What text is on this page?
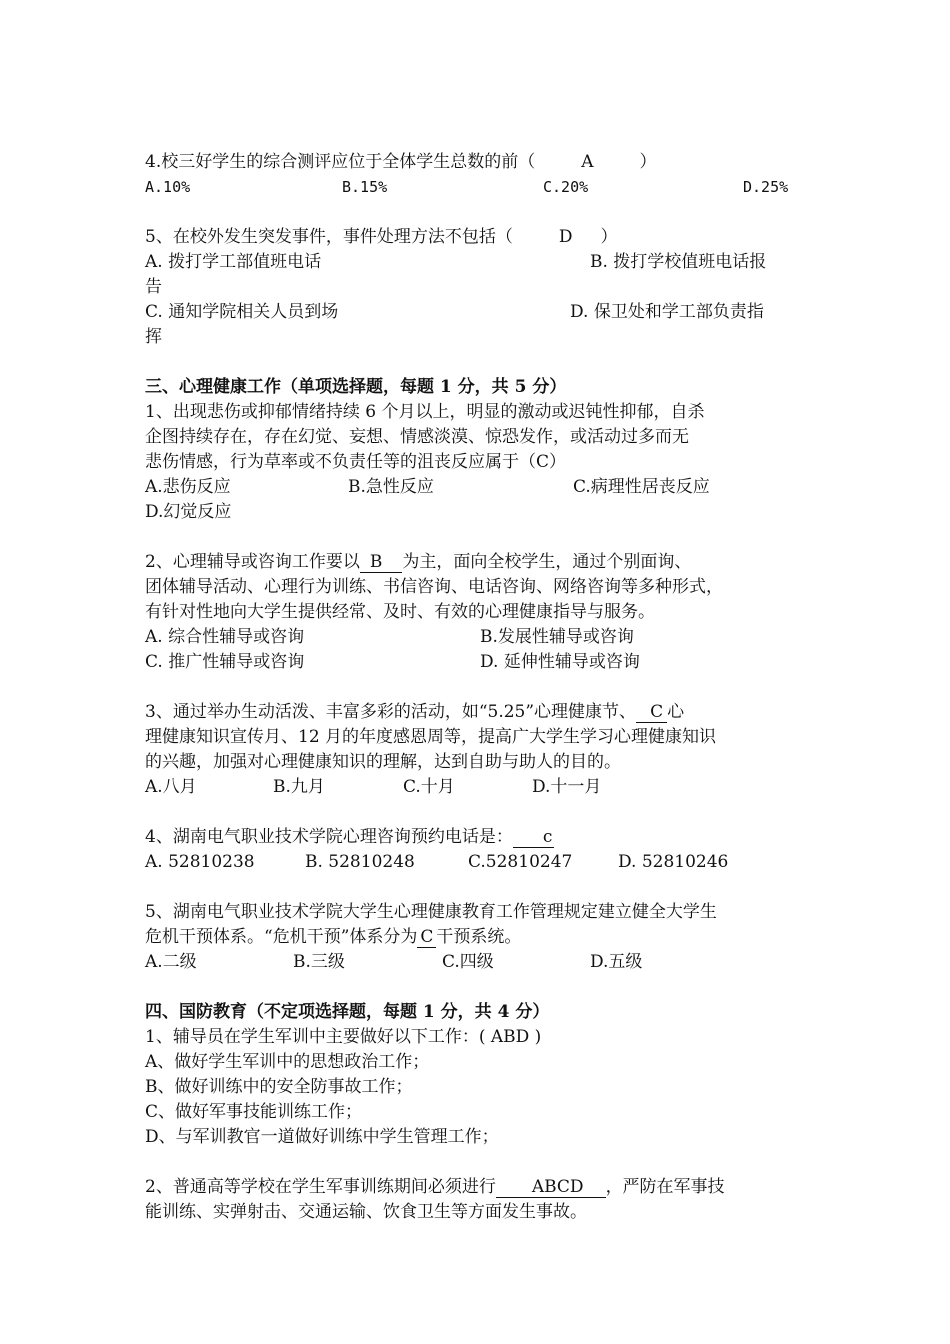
4.校三好学生的综合测评应位于全体学生总数的前（	A	）
A.10%	B.15%	C.20%	D.25%
5、在校外发生突发事件，事件处理方法不包括（	D ）
A. 拨打学工部值班电话	B. 拨打学校值班电话报
告
C. 通知学院相关人员到场	D. 保卫处和学工部负责指
挥
三、心理健康工作（单项选择题，每题 1 分，共 5 分）
1、出现悲伤或抑郁情绪持续 6 个月以上，明显的激动或迟钝性抑郁，自杀
企图持续存在，存在幻觉、妄想、情感淡漠、惊恐发作，或活动过多而无
悲伤情感，行为草率或不负责任等的沮丧反应属于（C）
A.悲伤反应	B.急性反应	C.病理性居丧反应
D.幻觉反应
2、心理辅导或咨询工作要以 B 为主，面向全校学生，通过个别面询、
团体辅导活动、心理行为训练、书信咨询、电话咨询、网络咨询等多种形式，
有针对性地向大学生提供经常、及时、有效的心理健康指导与服务。
A. 综合性辅导或咨询	B.发展性辅导或咨询
C. 推广性辅导或咨询	D. 延伸性辅导或咨询
3、通过举办生动活泼、丰富多彩的活动，如“5.25”心理健康节、 C 心
理健康知识宣传月、12 月的年度感恩周等，提高广大学生学习心理健康知识
的兴趣，加强对心理健康知识的理解，达到自助与助人的目的。
A.八月	B.九月	C.十月	D.十一月
4、湖南电气职业技术学院心理咨询预约电话是： c
A. 52810238	B. 52810248	C.52810247	D. 52810246
5、湖南电气职业技术学院大学生心理健康教育工作管理规定建立健全大学生
危机干预体系。“危机干预”体系分为 C 干预系统。
A.二级	B.三级	C.四级	D.五级
四、国防教育（不定项选择题，每题 1 分，共 4 分）
1、辅导员在学生军训中主要做好以下工作：( ABD )
A、做好学生军训中的思想政治工作；
B、做好训练中的安全防事故工作；
C、做好军事技能训练工作；
D、与军训教官一道做好训练中学生管理工作；
2、普通高等学校在学生军事训练期间必须进行 ABCD ，严防在军事技
能训练、实弹射击、交通运输、饮食卫生等方面发生事故。
